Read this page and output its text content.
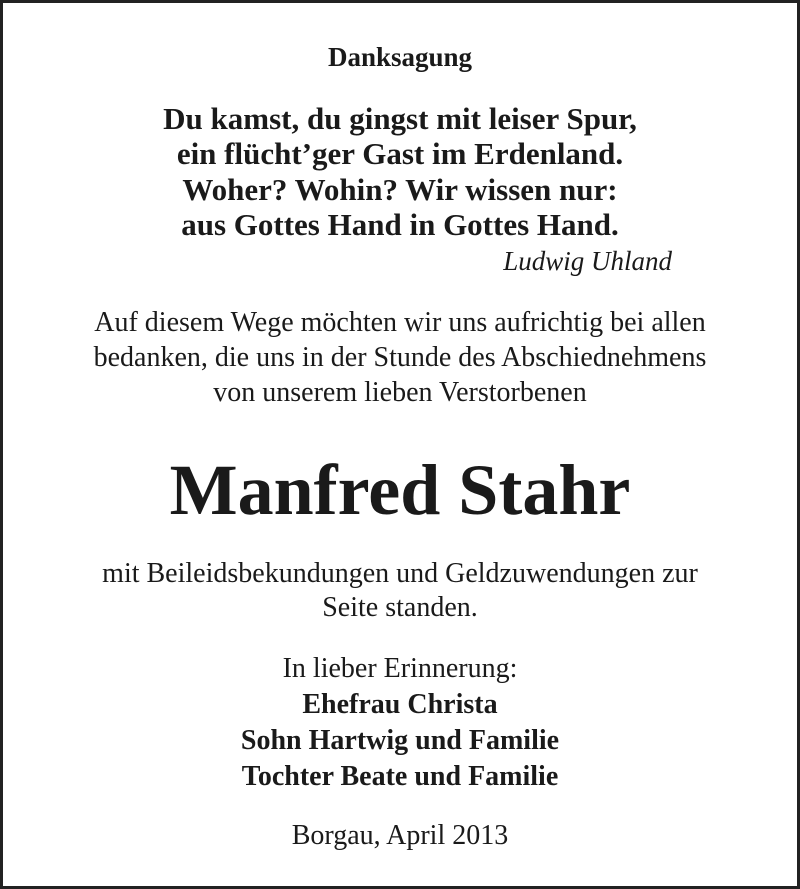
Danksagung
Du kamst, du gingst mit leiser Spur,
ein flücht’ger Gast im Erdenland.
Woher? Wohin? Wir wissen nur:
aus Gottes Hand in Gottes Hand.
Ludwig Uhland
Auf diesem Wege möchten wir uns aufrichtig bei allen
bedanken, die uns in der Stunde des Abschiednehmens
von unserem lieben Verstorbenen
Manfred Stahr
mit Beileidsbekundungen und Geldzuwendungen zur
Seite standen.
In lieber Erinnerung:
Ehefrau Christa
Sohn Hartwig und Familie
Tochter Beate und Familie
Borgau, April 2013
